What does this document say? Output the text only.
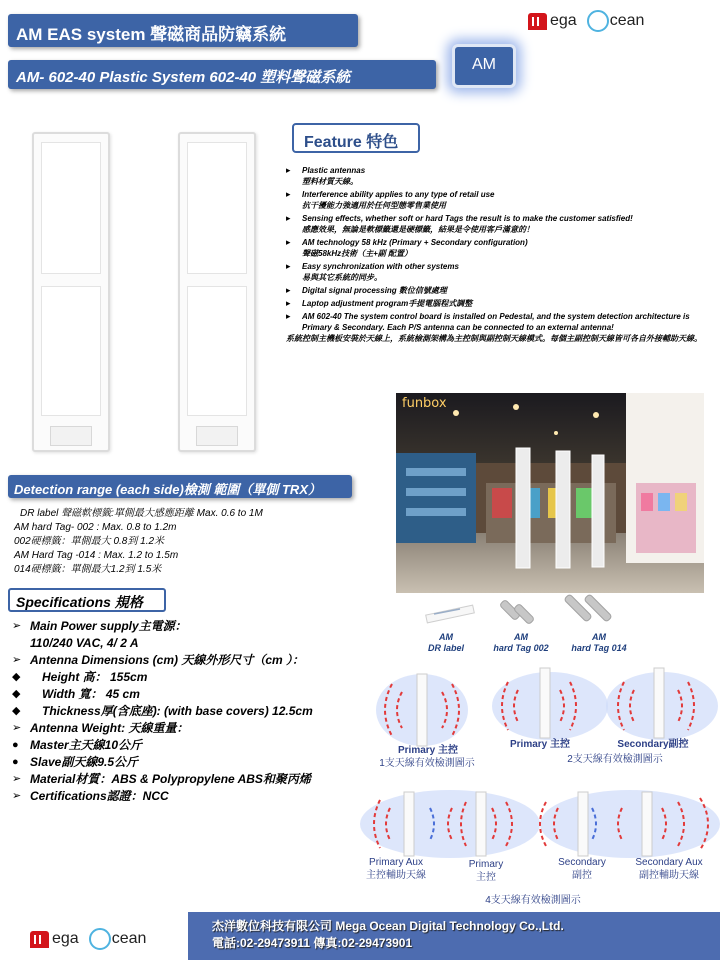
AM EAS system 聲磁商品防竊系統
AM- 602-40 Plastic System 602-40 塑料聲磁系統
AM
ega cean
Feature 特色
▸ Plastic antennas
塑料材質天線。
▸ Interference ability applies to any type of retail use
抗干擾能力強適用於任何型態零售業使用
▸ Sensing effects, whether soft or hard Tags the result is to make the customer satisfied!
感應效果，無論是軟標籤還是硬標籤，結果是令使用客戶滿意的！
▸ AM technology 58 kHz (Primary + Secondary configuration)
聲磁58kHz技術（主+副 配置）
▸ Easy synchronization with other systems
易與其它系統的同步。
▸ Digital signal processing 數位信號處理
▸ Laptop adjustment program手提電腦程式調整
▸ AM 602-40 The system control board is installed on Pedestal, and the system detection architecture is Primary & Secondary. Each P/S antenna can be connected to an external antenna!
系統控制主機板安裝於天線上，系統檢測架構為主控制與副控制天線模式。每個主副控制天線皆可各自外接輔助天線。
funbox
Detection range (each side)檢測 範圍（單側 TRX）
DR label 聲磁軟標籤:單側最大感應距離 Max. 0.6 to 1M
AM hard Tag- 002 : Max. 0.8 to 1.2m
002硬標籤：單側最大 0.8到 1.2米
AM Hard Tag -014 : Max. 1.2 to 1.5m
014硬標籤：單側最大1.2到 1.5米
Specifications 規格
➢ Main Power supply主電源：
110/240 VAC, 4/ 2 A
➢ Antenna Dimensions (cm) 天線外形尺寸（cm ）：
◆ Height 高： 155cm
◆ Width 寬： 45 cm
◆ Thickness厚(含底座): (with base covers) 12.5cm
➢ Antenna Weight: 天線重量：
● Master主天線10公斤
● Slave副天線9.5公斤
➢ Material材質：ABS & Polypropylene ABS和聚丙烯
➢ Certifications認證：NCC
AM
DR label
AM
hard Tag 002
AM
hard Tag 014
Primary 主控
1支天線有效檢測圖示
Primary 主控	Secondary副控
2支天線有效檢測圖示
Primary Aux
主控輔助天線
Primary
主控
Secondary
副控
Secondary Aux
副控輔助天線
4支天線有效檢測圖示
ega cean
杰洋數位科技有限公司 Mega Ocean Digital Technology Co.,Ltd.
電話:02-29473911 傳真:02-29473901
